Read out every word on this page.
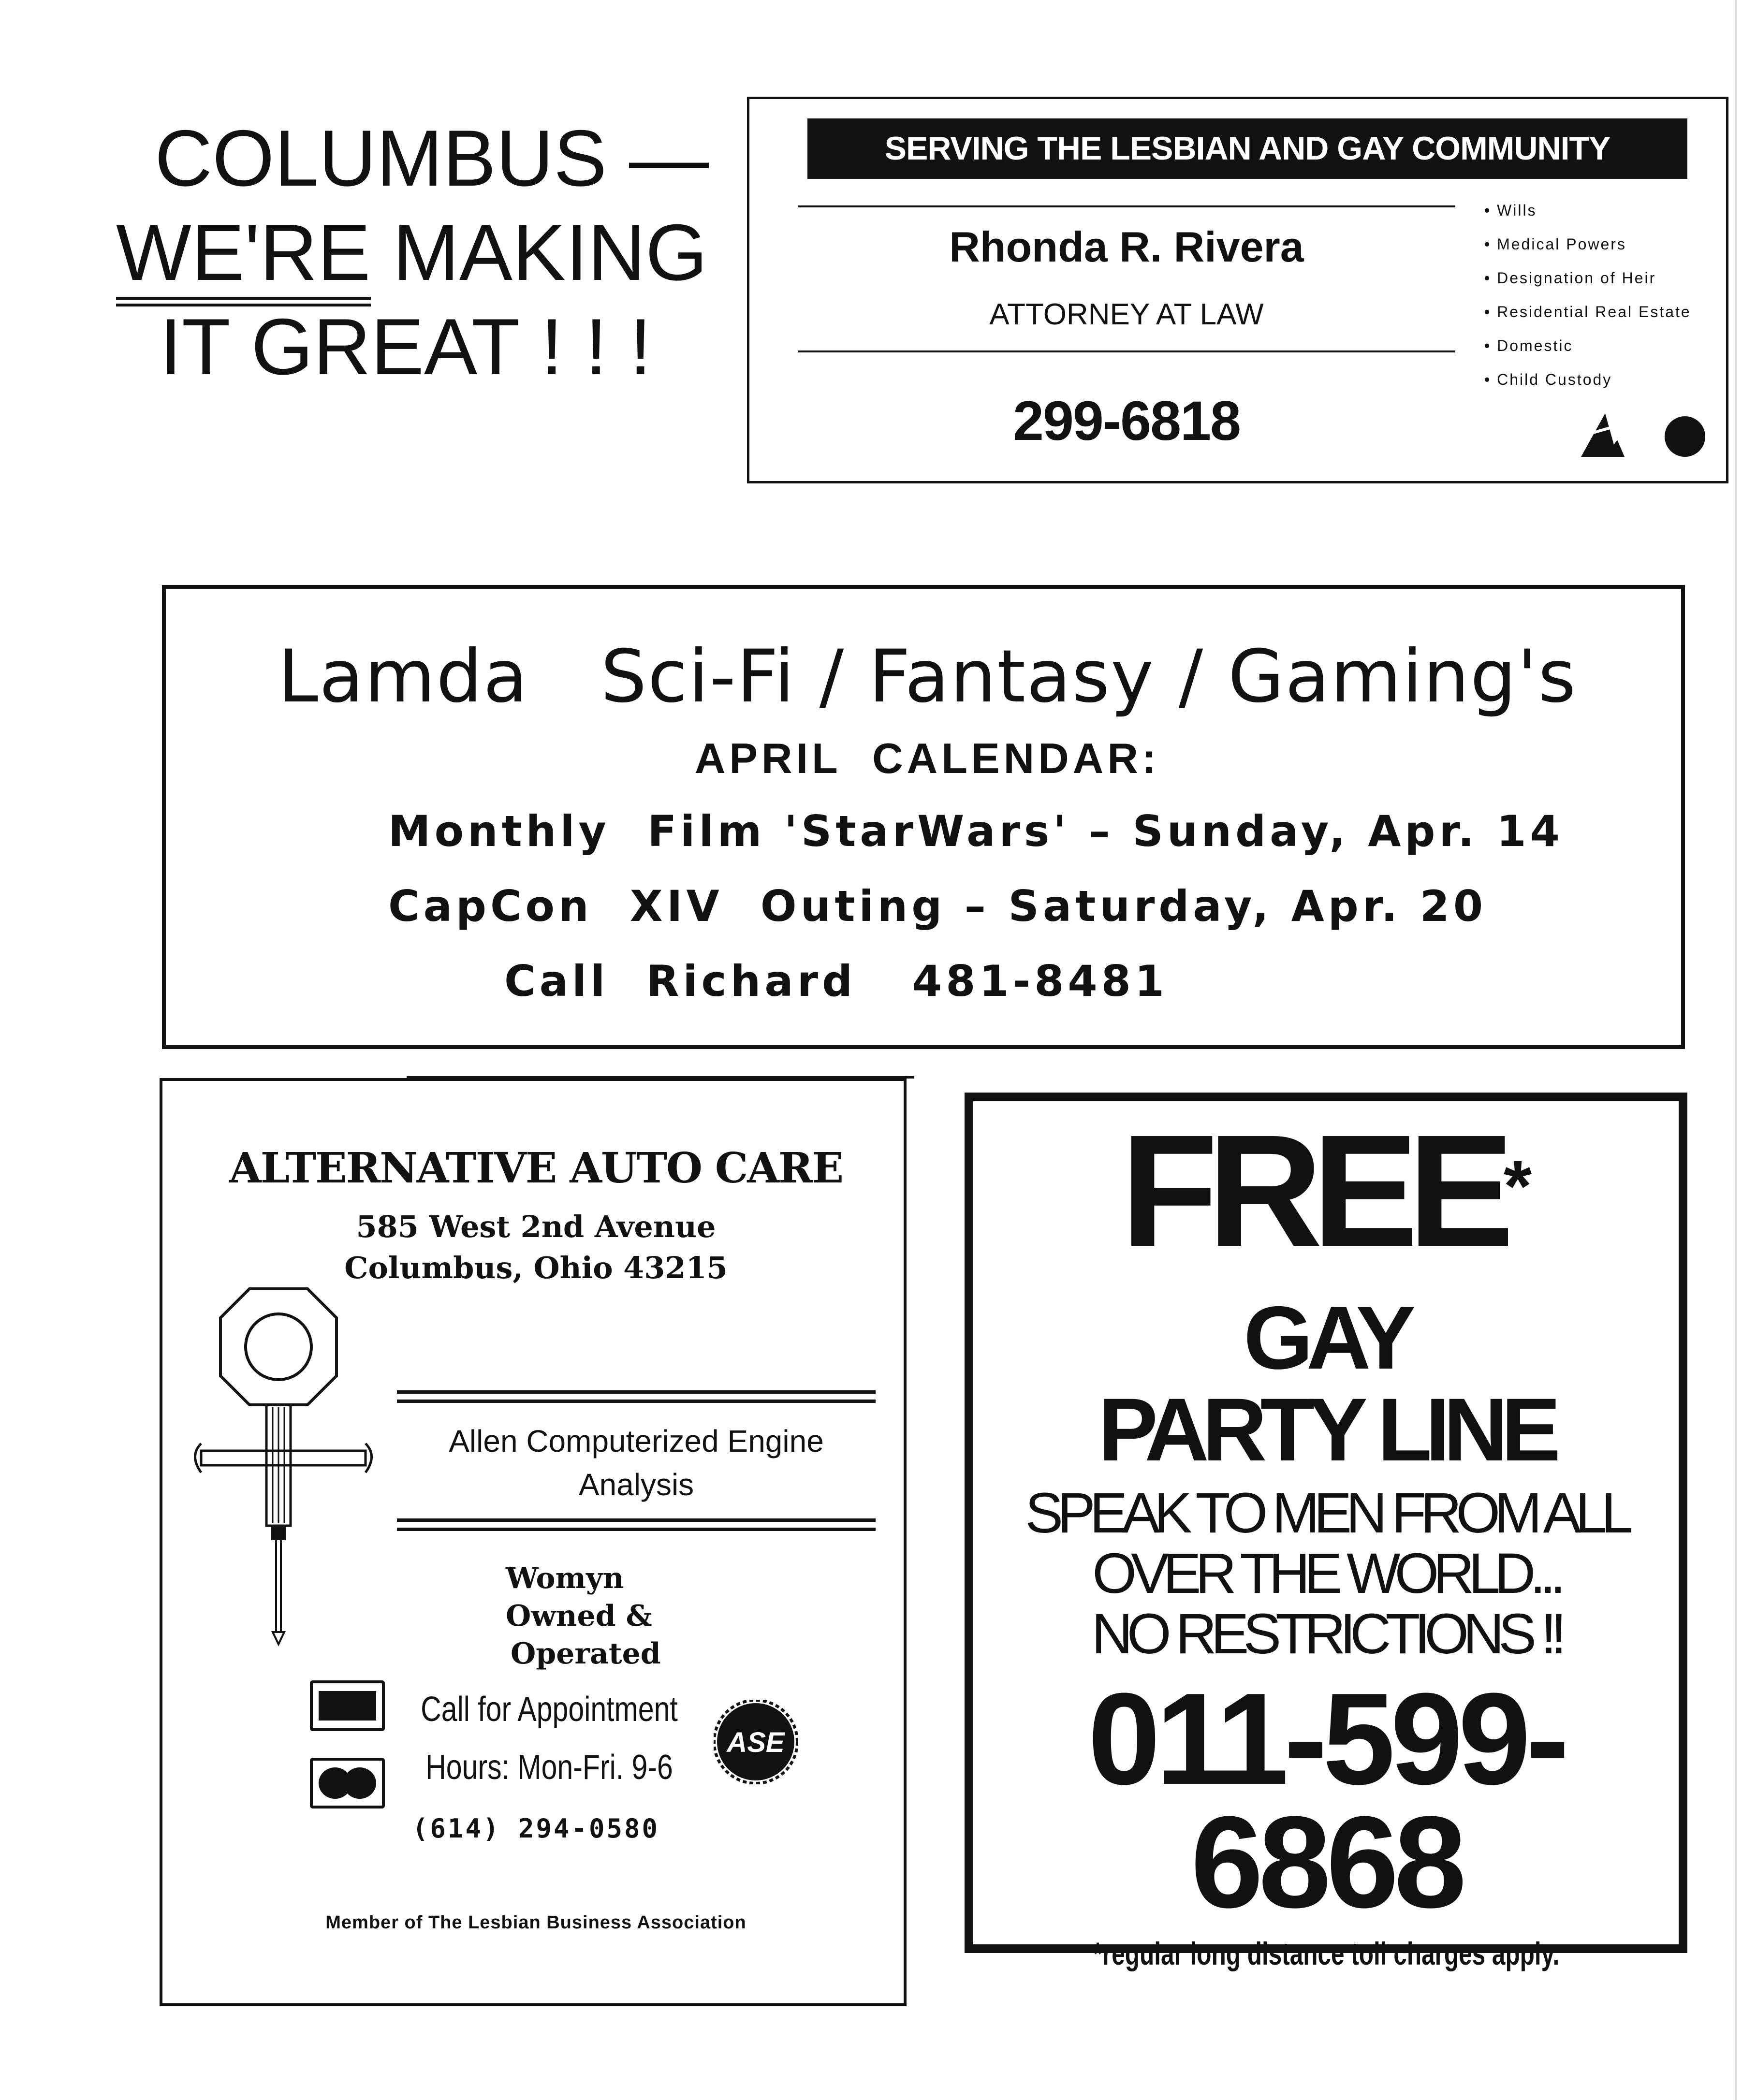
COLUMBUS —
WE'RE MAKING
IT GREAT ! ! !
SERVING THE LESBIAN AND GAY COMMUNITY
Rhonda R. Rivera
ATTORNEY AT LAW
299-6818
• Wills
• Medical Powers
• Designation of Heir
• Residential Real Estate
• Domestic
• Child Custody
Lamda   Sci-Fi / Fantasy / Gaming's
APRIL  CALENDAR:
Monthly  Film 'StarWars' – Sunday, Apr. 14
CapCon  XIV  Outing – Saturday, Apr. 20
Call  Richard   481-8481
ALTERNATIVE AUTO CARE
585 West 2nd Avenue
Columbus, Ohio 43215
Allen Computerized Engine
Analysis
Womyn
Owned &
Operated
Call for Appointment
Hours: Mon-Fri. 9-6
ASE
(614) 294-0580
Member of The Lesbian Business Association
FREE*
GAY
PARTY LINE
SPEAK TO MEN FROM ALL
OVER THE WORLD...
NO RESTRICTIONS !!
011-599-
6868
*regular long distance toll charges apply.
